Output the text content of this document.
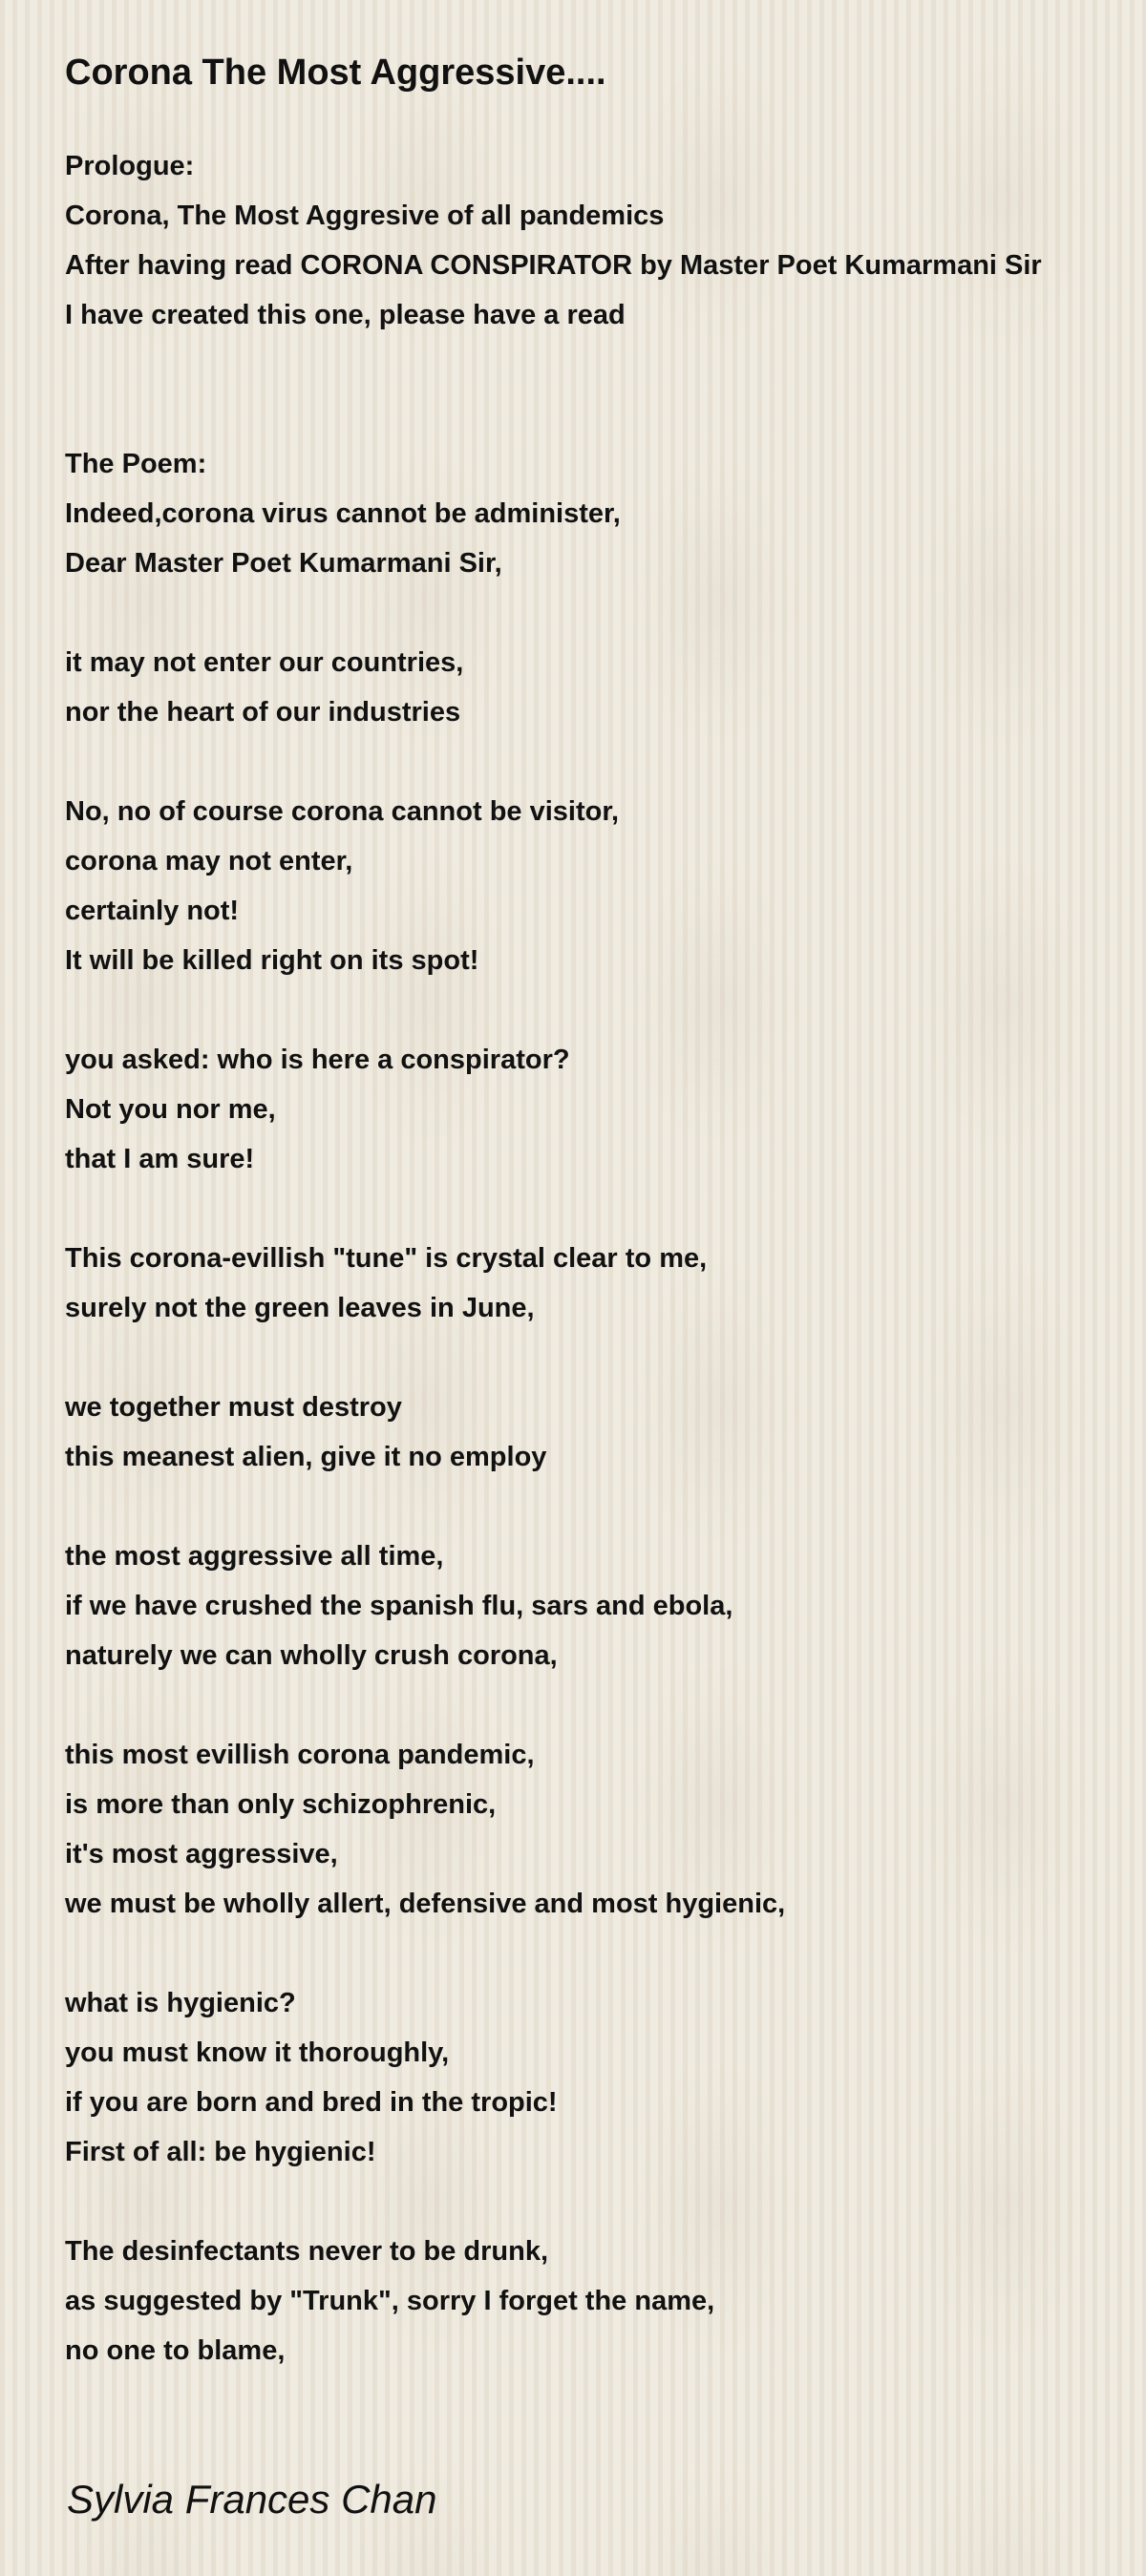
Corona The Most Aggressive....
Prologue:
Corona, The Most Aggresive of all pandemics
After having read CORONA CONSPIRATOR by Master Poet Kumarmani Sir
I have created this one, please have a read
The Poem:
Indeed,corona virus cannot be administer,
Dear Master Poet Kumarmani Sir,
it may not enter our countries,
nor the heart of our industries
No, no of course corona cannot be visitor,
corona may not enter,
certainly not!
It will be killed right on its spot!
you asked: who is here a conspirator?
Not you nor me,
that I am sure!
This corona-evillish "tune" is crystal clear to me,
surely not the green leaves in June,
we together must destroy
this meanest alien, give it no employ
the most aggressive all time,
if we have crushed the spanish flu, sars and ebola,
naturely we can wholly crush corona,
this most evillish corona pandemic,
is more than only schizophrenic,
it's most aggressive,
we must be wholly allert, defensive and most hygienic,
what is hygienic?
you must know it thoroughly,
if you are born and bred in the tropic!
First of all: be hygienic!
The desinfectants never to be drunk,
as suggested by "Trunk", sorry I forget the name,
no one to blame,
Sylvia Frances Chan
